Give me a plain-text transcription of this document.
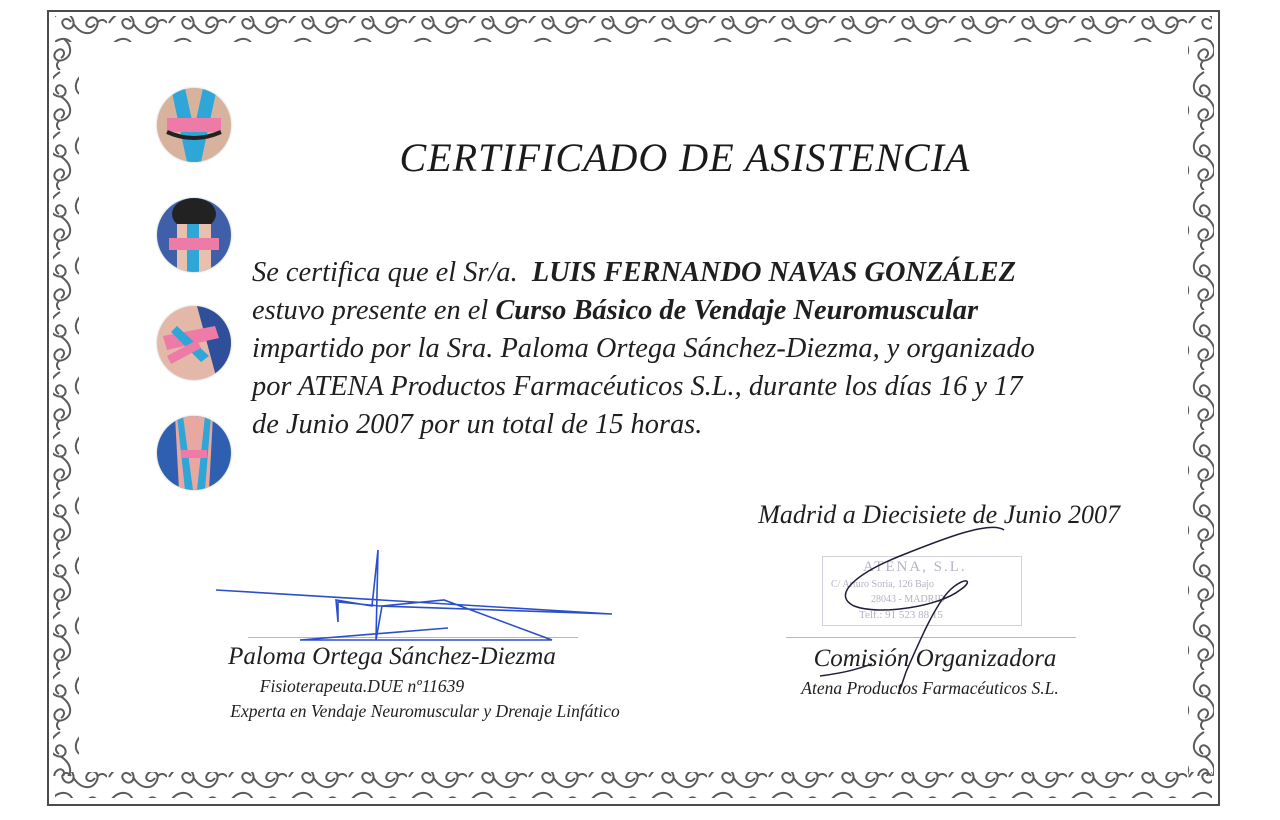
CERTIFICADO DE ASISTENCIA

Se certifica que el Sr/a. LUIS FERNANDO NAVAS GONZÁLEZ
estuvo presente en el Curso Básico de Vendaje Neuromuscular
impartido por la Sra. Paloma Ortega Sánchez-Diezma, y organizado
por ATENA Productos Farmacéuticos S.L., durante los días 16 y 17
de Junio 2007 por un total de 15 horas.

Madrid a Diecisiete de Junio 2007
ATENA, S.L.
C/ Arturo Soria, 126 Bajo
28043 - MADRID
Telf.: 91 523 88 15
Paloma Ortega Sánchez-Diezma
Fisioterapeuta.DUE nº11639
Experta en Vendaje Neuromuscular y Drenaje Linfático
Comisión Organizadora
Atena Productos Farmacéuticos S.L.
